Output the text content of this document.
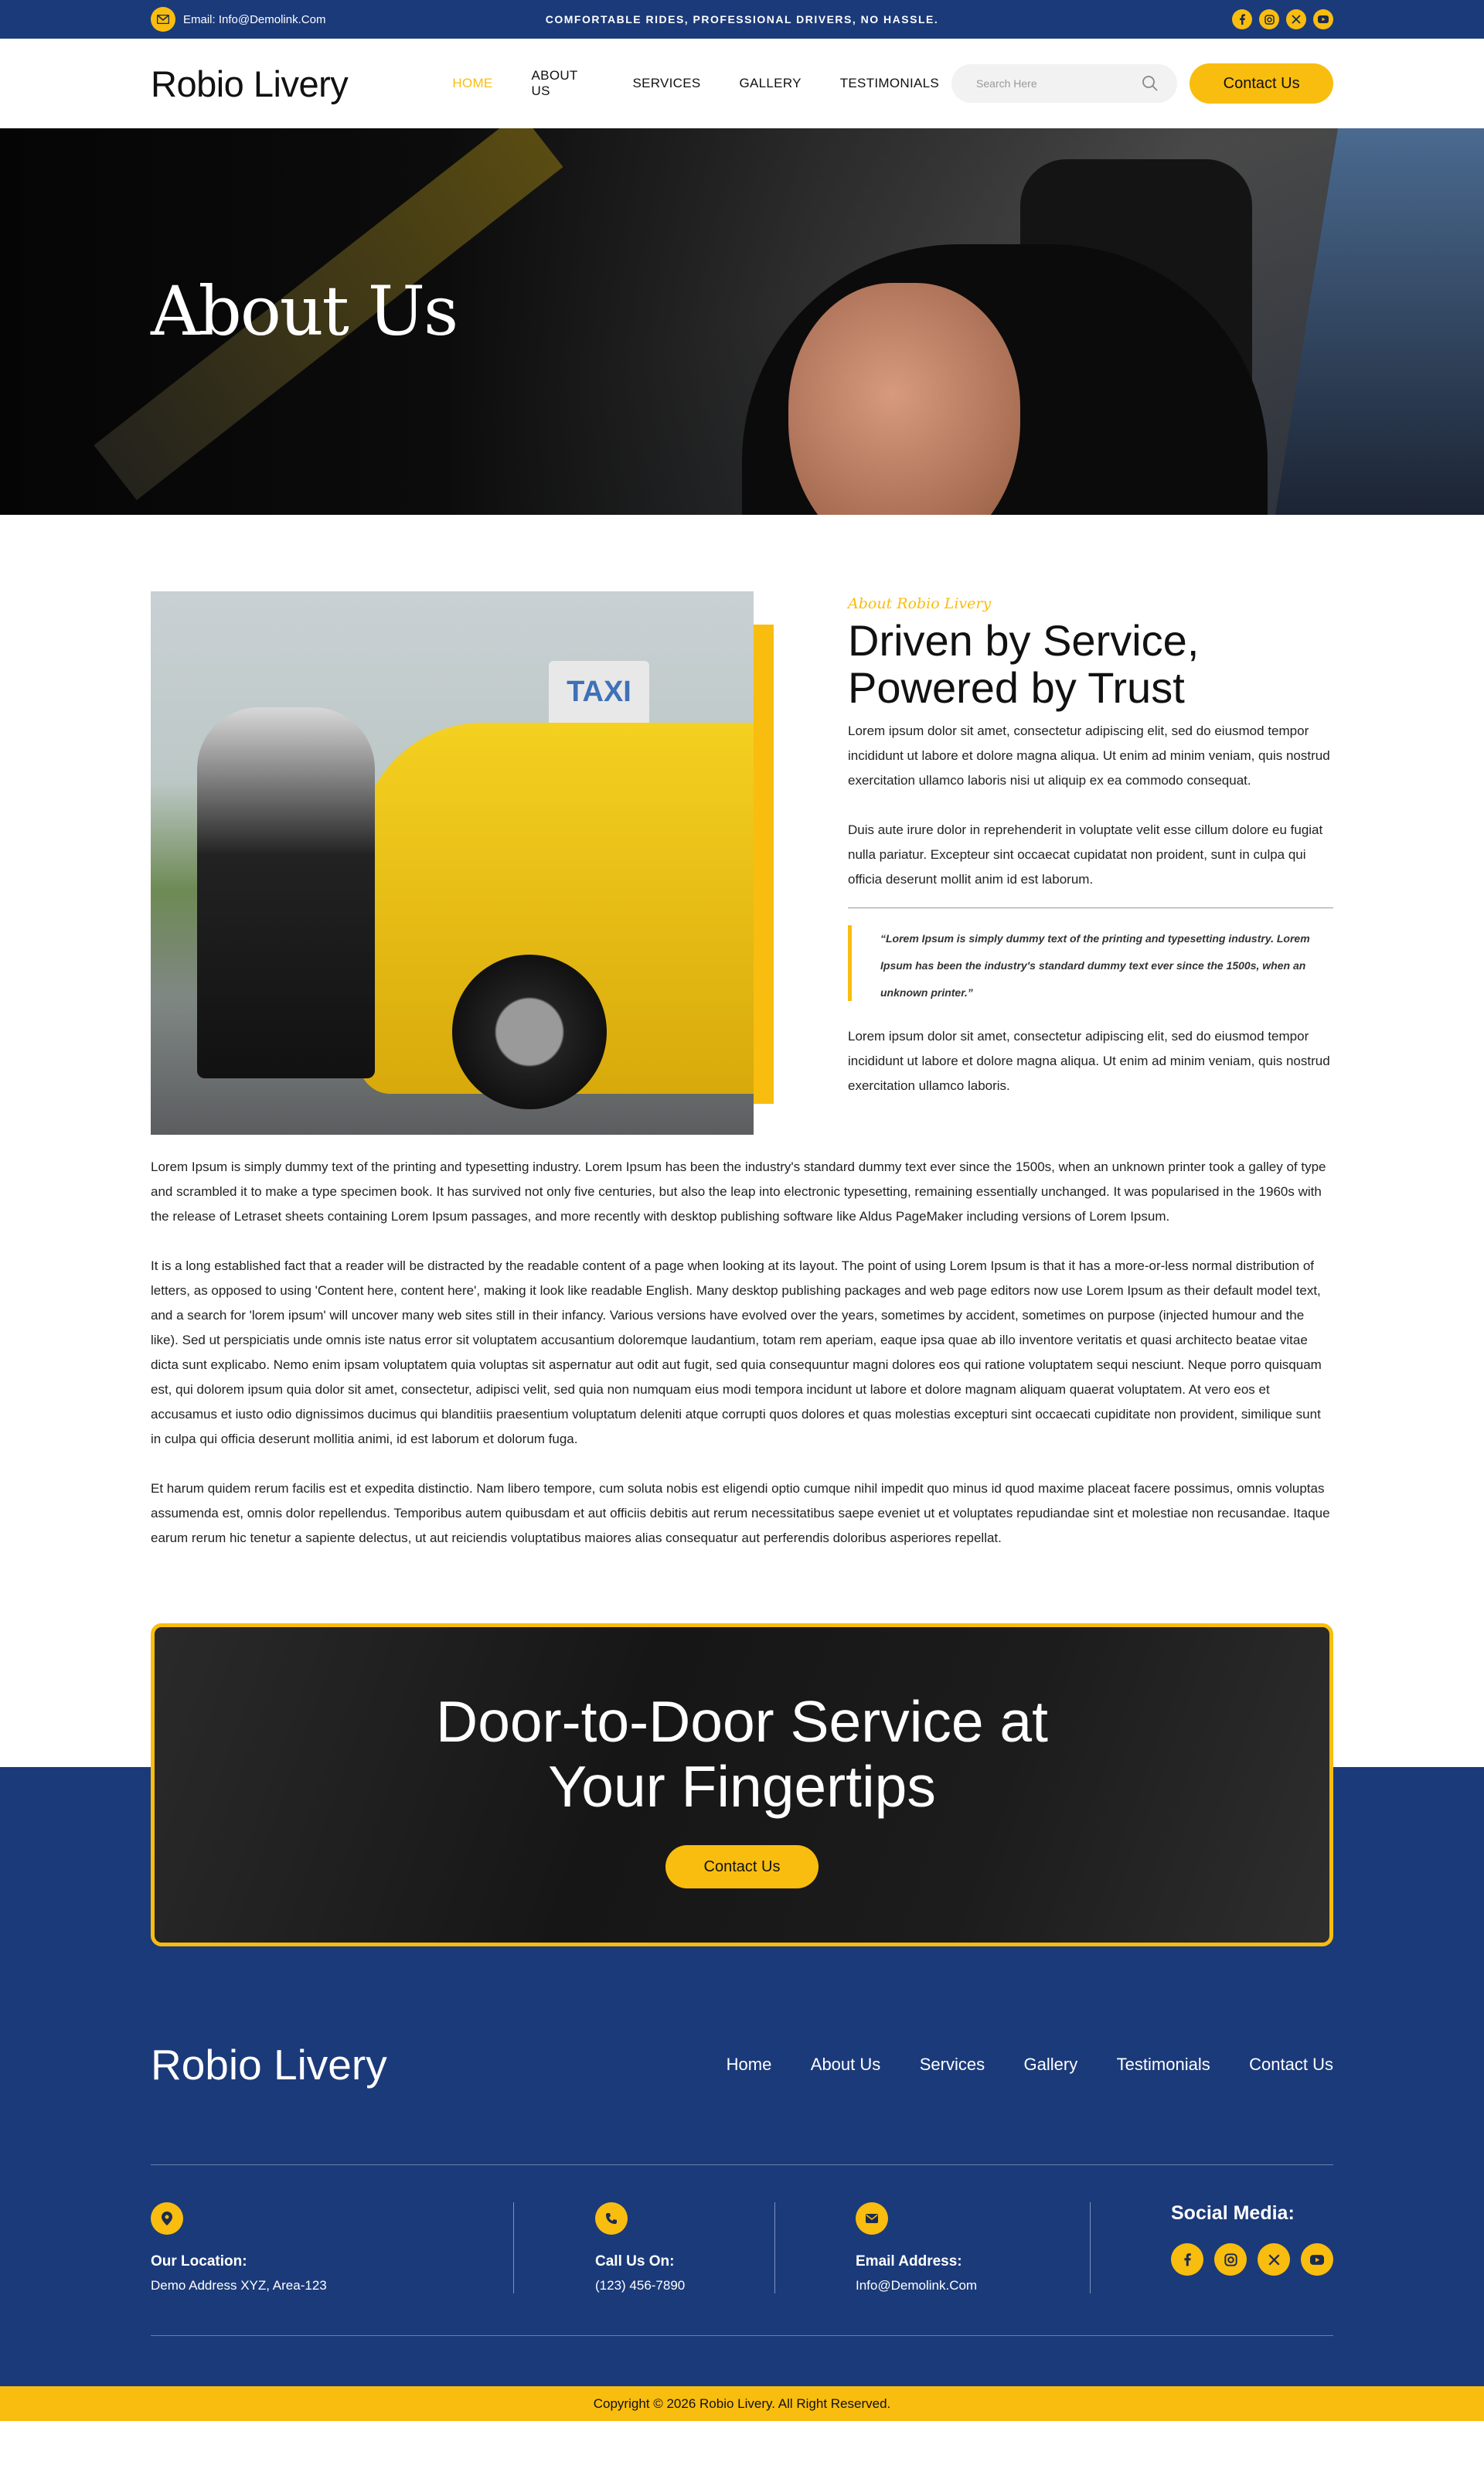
Email: Info@Demolink.Com	COMFORTABLE RIDES, PROFESSIONAL DRIVERS, NO HASSLE.
Robio Livery	HOME
ABOUT US
SERVICES	GALLERY	TESTIMONIALS
Search Here	Contact Us
About Us
TAXI
About Robio Livery
Driven by Service, Powered by Trust

Lorem ipsum dolor sit amet, consectetur adipiscing elit, sed do eiusmod tempor incididunt ut labore et dolore magna aliqua. Ut enim ad minim veniam, quis nostrud exercitation ullamco laboris nisi ut aliquip ex ea commodo consequat.

Duis aute irure dolor in reprehenderit in voluptate velit esse cillum dolore eu fugiat nulla pariatur. Excepteur sint occaecat cupidatat non proident, sunt in culpa qui officia deserunt mollit anim id est laborum.

“Lorem Ipsum is simply dummy text of the printing and typesetting industry. Lorem Ipsum has been the industry's standard dummy text ever since the 1500s, when an unknown printer.”

Lorem ipsum dolor sit amet, consectetur adipiscing elit, sed do eiusmod tempor incididunt ut labore et dolore magna aliqua. Ut enim ad minim veniam, quis nostrud exercitation ullamco laboris.

Lorem Ipsum is simply dummy text of the printing and typesetting industry. Lorem Ipsum has been the industry's standard dummy text ever since the 1500s, when an unknown printer took a galley of type and scrambled it to make a type specimen book. It has survived not only five centuries, but also the leap into electronic typesetting, remaining essentially unchanged. It was popularised in the 1960s with the release of Letraset sheets containing Lorem Ipsum passages, and more recently with desktop publishing software like Aldus PageMaker including versions of Lorem Ipsum.

It is a long established fact that a reader will be distracted by the readable content of a page when looking at its layout. The point of using Lorem Ipsum is that it has a more-or-less normal distribution of letters, as opposed to using 'Content here, content here', making it look like readable English. Many desktop publishing packages and web page editors now use Lorem Ipsum as their default model text, and a search for 'lorem ipsum' will uncover many web sites still in their infancy. Various versions have evolved over the years, sometimes by accident, sometimes on purpose (injected humour and the like). Sed ut perspiciatis unde omnis iste natus error sit voluptatem accusantium doloremque laudantium, totam rem aperiam, eaque ipsa quae ab illo inventore veritatis et quasi architecto beatae vitae dicta sunt explicabo. Nemo enim ipsam voluptatem quia voluptas sit aspernatur aut odit aut fugit, sed quia consequuntur magni dolores eos qui ratione voluptatem sequi nesciunt. Neque porro quisquam est, qui dolorem ipsum quia dolor sit amet, consectetur, adipisci velit, sed quia non numquam eius modi tempora incidunt ut labore et dolore magnam aliquam quaerat voluptatem. At vero eos et accusamus et iusto odio dignissimos ducimus qui blanditiis praesentium voluptatum deleniti atque corrupti quos dolores et quas molestias excepturi sint occaecati cupiditate non provident, similique sunt in culpa qui officia deserunt mollitia animi, id est laborum et dolorum fuga.

Et harum quidem rerum facilis est et expedita distinctio. Nam libero tempore, cum soluta nobis est eligendi optio cumque nihil impedit quo minus id quod maxime placeat facere possimus, omnis voluptas assumenda est, omnis dolor repellendus. Temporibus autem quibusdam et aut officiis debitis aut rerum necessitatibus saepe eveniet ut et voluptates repudiandae sint et molestiae non recusandae. Itaque earum rerum hic tenetur a sapiente delectus, ut aut reiciendis voluptatibus maiores alias consequatur aut perferendis doloribus asperiores repellat.

Door-to-Door Service at
Your Fingertips
Contact Us
Robio Livery	Home About Us Services Gallery Testimonials Contact Us
Our Location:
Demo Address XYZ, Area-123
Call Us On:
(123) 456-7890
Email Address:
Info@Demolink.Com
Social Media:
Copyright © 2026 Robio Livery. All Right Reserved.
